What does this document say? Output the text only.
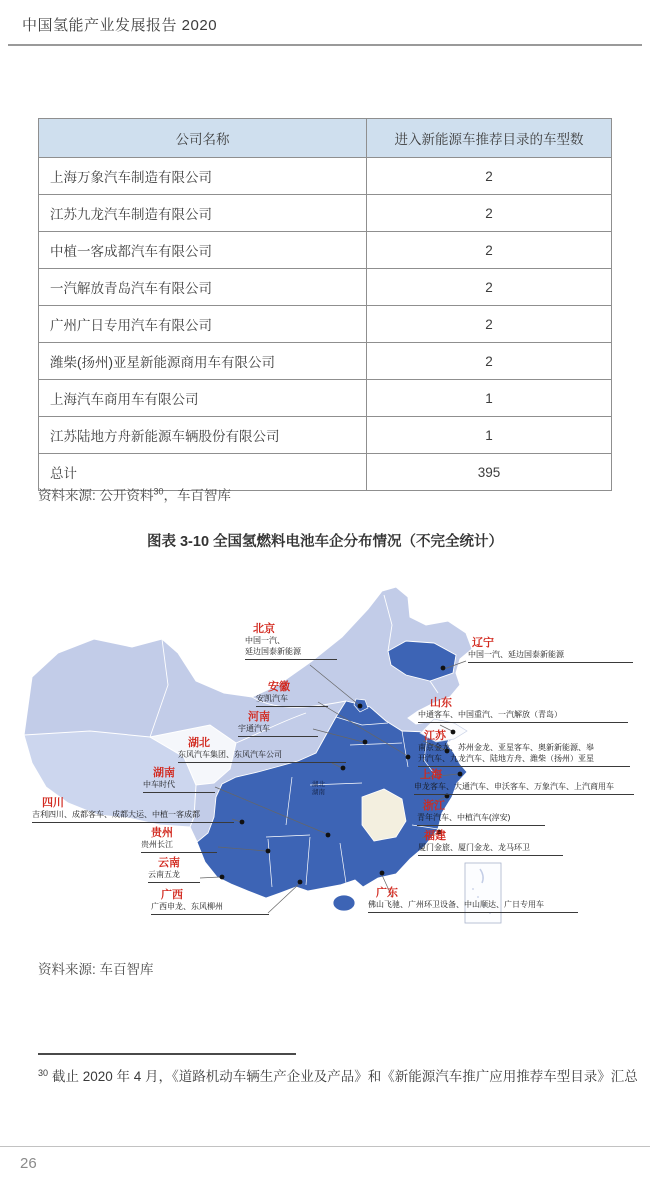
中国氢能产业发展报告 2020
公司名称	进入新能源车推荐目录的车型数
上海万象汽车制造有限公司	2
江苏九龙汽车制造有限公司	2
中植一客成都汽车有限公司	2
一汽解放青岛汽车有限公司	2
广州广日专用汽车有限公司	2
潍柴(扬州)亚星新能源商用车有限公司	2
上海汽车商用车有限公司	1
江苏陆地方舟新能源车辆股份有限公司	1
总计	395
资料来源: 公开资料$^{30}$，车百智库
图表 3-10 全国氢燃料电池车企分布情况（不完全统计）
湖北
湖南
北京
中国一汽、
延边国泰新能源
辽宁
中国一汽、延边国泰新能源
安徽
安凯汽车
河南
宇通汽车
湖北
东风汽车集团、东风汽车公司
湖南
中车时代
四川
吉利四川、成都客车、成都大运、中植一客成都
贵州
贵州长江
云南
云南五龙
广西
广西申龙、东风柳州
山东
中通客车、中国重汽、一汽解放（青岛）
江苏
南京金龙、苏州金龙、亚星客车、奥新新能源、皋
开汽车、九龙汽车、陆地方舟、潍柴（扬州）亚星
上海
申龙客车、大通汽车、申沃客车、万象汽车、上汽商用车
浙江
青年汽车、中植汽车(淳安)
福建
厦门金旅、厦门金龙、龙马环卫
广东
佛山飞驰、广州环卫设备、中山顺达、广日专用车
资料来源: 车百智库
$^{30}$ 截止 2020 年 4 月，《道路机动车辆生产企业及产品》和《新能源汽车推广应用推荐车型目录》汇总
26
